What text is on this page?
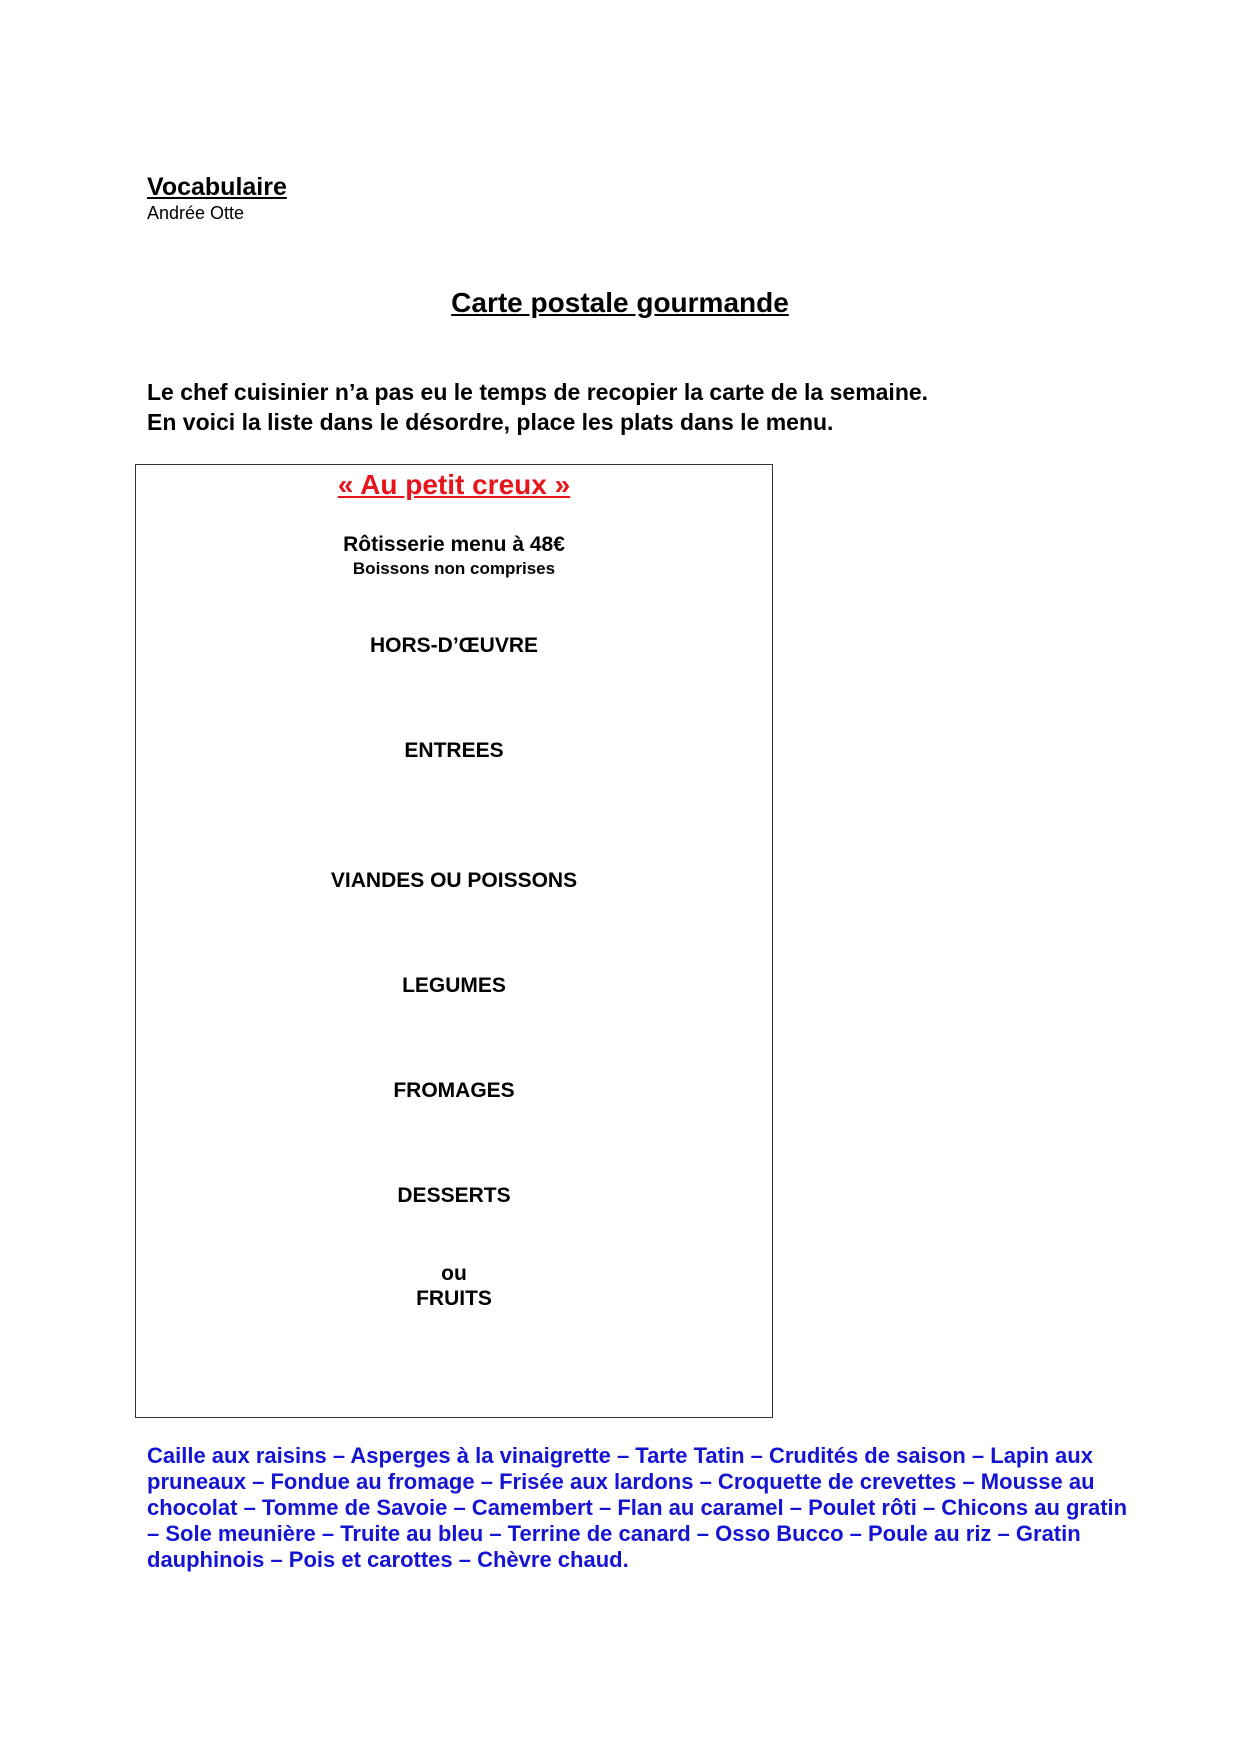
Vocabulaire
Andrée Otte
Carte postale gourmande
Le chef cuisinier n’a pas eu le temps de recopier la carte de la semaine.
En voici la liste dans le désordre, place les plats dans le menu.
« Au petit creux »
Rôtisserie menu à 48€
Boissons non comprises
HORS-D’ŒUVRE
ENTREES
VIANDES OU POISSONS
LEGUMES
FROMAGES
DESSERTS
ou
FRUITS
Caille aux raisins – Asperges à la vinaigrette – Tarte Tatin – Crudités de saison – Lapin aux pruneaux – Fondue au fromage – Frisée aux lardons – Croquette de crevettes – Mousse au chocolat – Tomme de Savoie – Camembert – Flan au caramel – Poulet rôti – Chicons au gratin – Sole meunière – Truite au bleu – Terrine de canard – Osso Bucco – Poule au riz – Gratin dauphinois – Pois et carottes – Chèvre chaud.
